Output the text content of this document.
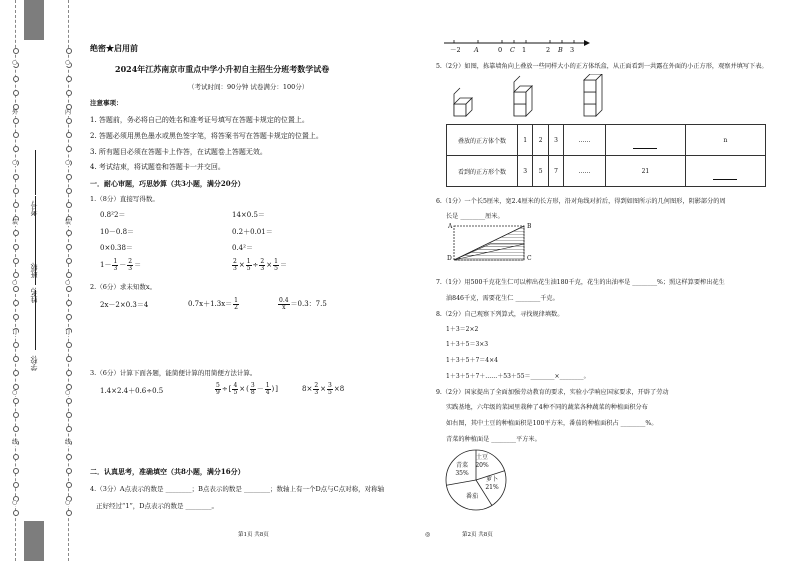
○
外
○
装
○
订
○
线
○
○
内
○
装
○
订
○
线
○
学校:
姓名:
班级:
考号:
绝密★启用前
2024年江苏南京市重点中学小升初自主招生分班考数学试卷
（考试时间：90分钟 试卷满分：100分）
注意事项：
1. 答题前，务必将自己的姓名和准考证号填写在答题卡规定的位置上。
2. 答题必须用黑色墨水或黑色签字笔，将答案书写在答题卡规定的位置上。
3. 所有题目必须在答题卡上作答，在试题卷上答题无效。
4. 考试结束，将试题卷和答题卡一并交回。
一．耐心审题，巧思妙算（共3小题，满分20分）
1.（8分）直接写得数。
0.8²2＝	14×0.5＝
10－0.8＝	0.2＋0.01＝
0×0.38＝	0.4²＝
$1- \frac{1}{3} - \frac{2}{3}$ ＝	$\frac{2}{3} \times \frac{1}{5} \div \frac{2}{3} \times \frac{1}{5}$ ＝
2.（6分）求未知数x。
2x－2×0.3＝4	$0.7x+1.3x= \frac{1}{2}$	$\frac{0.4}{x} =0.3$：7.5
3.（6分）计算下面各题，能简便计算的用简便方法计算。
1.4×2.4＋0.6÷0.5	$\frac{5}{9}$ ÷ [ $\frac{4}{5}$ × ( $\frac{3}{8} - \frac{1}{4}$ ) ]	$8\times \frac{2}{3} \times \frac{3}{5} \times 8$
二．认真思考，准确填空（共8小题，满分16分）
4.（3分）A点表示的数是 ________；B点表示的数是 ________；数轴上有一个D点与C点对称，对称轴
正好经过“1”，D点表示的数是 ________。
第1页 共8页	◎
－2 A	0 C 1	2 B 3
5.（2分）如图，拣靠墙角向上叠放一些同样大小的正方体纸盒，从正面看到一共露在外面的小正方形，观察并填写下表。
叠放的正方体个数	1	2	3	……		n
看到的正方形个数	3	5	7	……	21	
6.（1分）一个长5厘米，宽2.4厘米的长方形，沿对角线对折后，得到如图所示的几何图形，阴影部分的周
长是 ________厘米。
A	B
D	C
7.（1分）用500千克花生仁可以榨出花生油180千克，花生的出油率是 ________%；照这样算要榨出花生
油846千克，需要花生仁 ________千克。
8.（2分）自己观察下列算式，寻找规律填数。
1＋3＝2×2
1＋3＋5＝3×3
1＋3＋5＋7＝4×4
1＋3＋5＋7＋……＋53＋55＝________×________。
9.（2分）国家提出了全面加强劳动教育的要求，实验小学响应国家要求，开辟了劳动
实践基地，六年级的菜园里栽种了4种不同的蔬菜各种蔬菜的种植面积分布
如右图，其中土豆的种植面积是100平方米，番茄的种植面积占 ________%。
青菜的种植面是 ________平方米。
青菜
35%
土豆
20%
萝卜
21%
番茄
第2页 共8页
